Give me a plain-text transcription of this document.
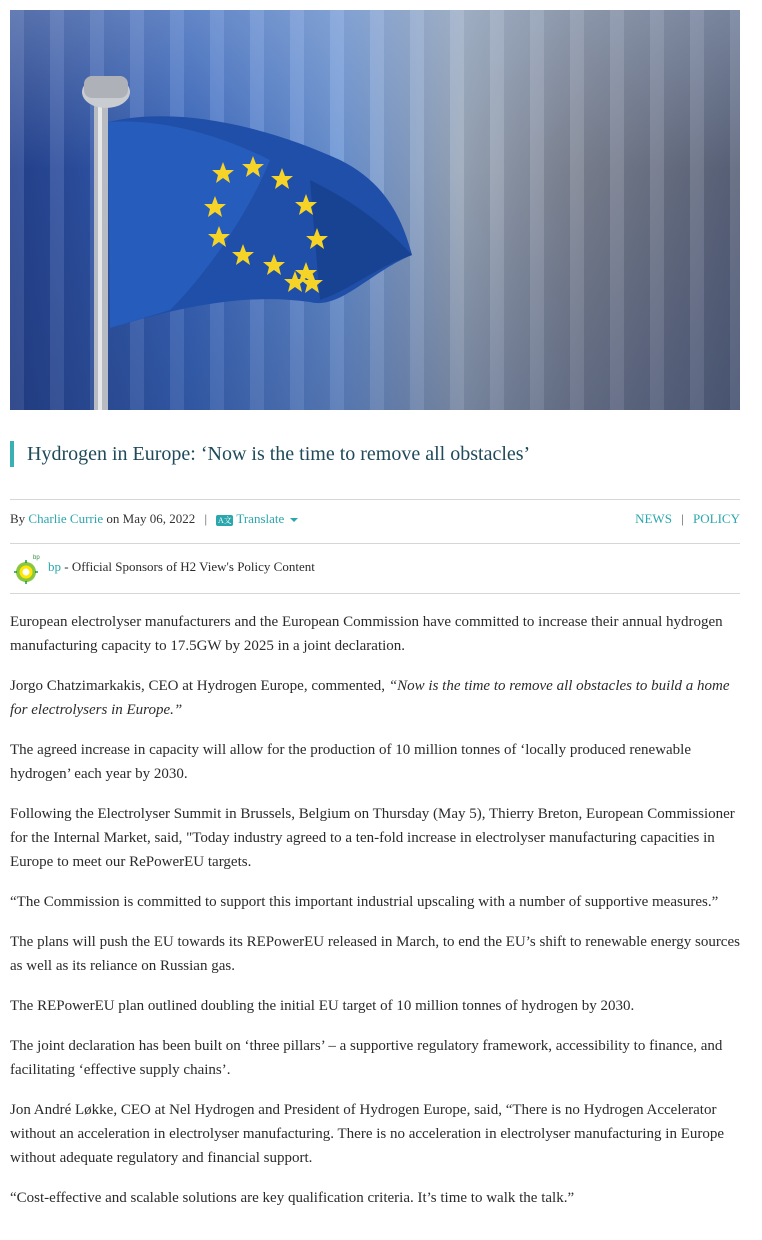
Hydrogen in Europe: ‘Now is the time to remove all obstacles’
By Charlie Currie on May 06, 2022 | A文 Translate	NEWS | POLICY
bp
bp - Official Sponsors of H2 View's Policy Content

European electrolyser manufacturers and the European Commission have committed to increase their annual hydrogen manufacturing capacity to 17.5GW by 2025 in a joint declaration.

Jorgo Chatzimarkakis, CEO at Hydrogen Europe, commented, “Now is the time to remove all obstacles to build a home for electrolysers in Europe.”

The agreed increase in capacity will allow for the production of 10 million tonnes of ‘locally produced renewable hydrogen’ each year by 2030.

Following the Electrolyser Summit in Brussels, Belgium on Thursday (May 5), Thierry Breton, European Commissioner for the Internal Market, said, "Today industry agreed to a ten-fold increase in electrolyser manufacturing capacities in Europe to meet our RePowerEU targets.

“The Commission is committed to support this important industrial upscaling with a number of supportive measures.”

The plans will push the EU towards its REPowerEU released in March, to end the EU’s shift to renewable energy sources as well as its reliance on Russian gas.

The REPowerEU plan outlined doubling the initial EU target of 10 million tonnes of hydrogen by 2030.

The joint declaration has been built on ‘three pillars’ – a supportive regulatory framework, accessibility to finance, and facilitating ‘effective supply chains’.

Jon André Løkke, CEO at Nel Hydrogen and President of Hydrogen Europe, said, “There is no Hydrogen Accelerator without an acceleration in electrolyser manufacturing. There is no acceleration in electrolyser manufacturing in Europe without adequate regulatory and financial support.

“Cost-effective and scalable solutions are key qualification criteria. It’s time to walk the talk.”
